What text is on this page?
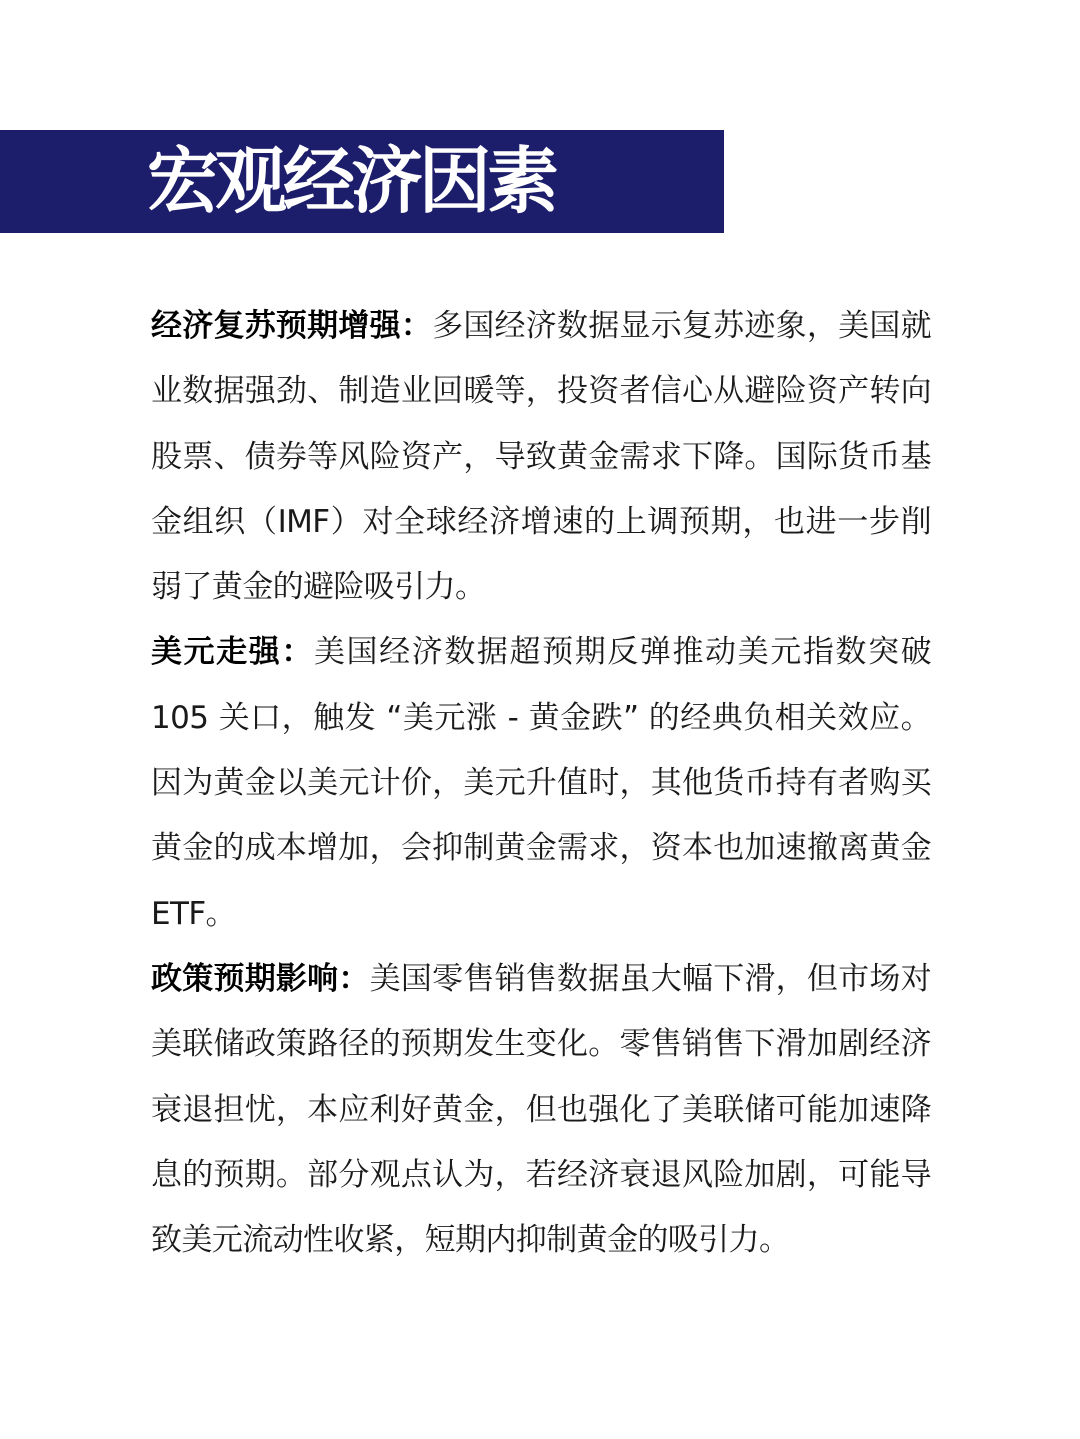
宏观经济因素

经济复苏预期增强：多国经济数据显示复苏迹象，美国就业数据强劲、制造业回暖等，投资者信心从避险资产转向股票、债券等风险资产，导致黄金需求下降。国际货币基金组织（IMF）对全球经济增速的上调预期，也进一步削弱了黄金的避险吸引力。

美元走强：美国经济数据超预期反弹推动美元指数突破 105 关口，触发 “美元涨 - 黄金跌” 的经典负相关效应。因为黄金以美元计价，美元升值时，其他货币持有者购买黄金的成本增加，会抑制黄金需求，资本也加速撤离黄金 ETF。

政策预期影响：美国零售销售数据虽大幅下滑，但市场对美联储政策路径的预期发生变化。零售销售下滑加剧经济衰退担忧，本应利好黄金，但也强化了美联储可能加速降息的预期。部分观点认为，若经济衰退风险加剧，可能导致美元流动性收紧，短期内抑制黄金的吸引力。
